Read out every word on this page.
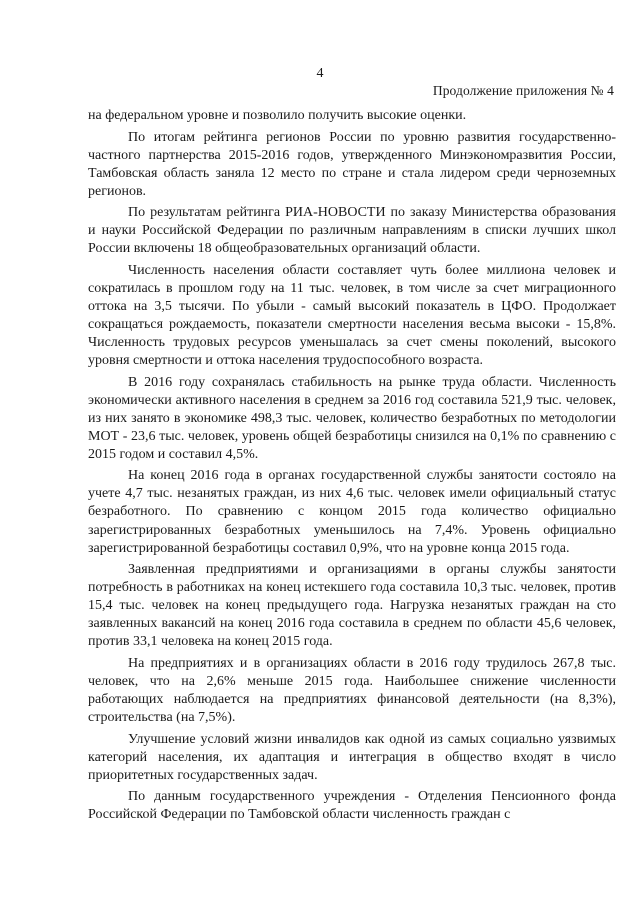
4
Продолжение приложения № 4

на федеральном уровне и позволило получить высокие оценки.

По итогам рейтинга регионов России по уровню развития государственно-частного партнерства 2015-2016 годов, утвержденного Минэкономразвития России, Тамбовская область заняла 12 место по стране и стала лидером среди черноземных регионов.

По результатам рейтинга РИА-НОВОСТИ по заказу Министерства образования и науки Российской Федерации по различным направлениям в списки лучших школ России включены 18 общеобразовательных организаций области.

Численность населения области составляет чуть более миллиона человек и сократилась в прошлом году на 11 тыс. человек, в том числе за счет миграционного оттока на 3,5 тысячи. По убыли - самый высокий показатель в ЦФО. Продолжает сокращаться рождаемость, показатели смертности населения весьма высоки - 15,8%. Численность трудовых ресурсов уменьшалась за счет смены поколений, высокого уровня смертности и оттока населения трудоспособного возраста.

В 2016 году сохранялась стабильность на рынке труда области. Численность экономически активного населения в среднем за 2016 год составила 521,9 тыс. человек, из них занято в экономике 498,3 тыс. человек, количество безработных по методологии МОТ - 23,6 тыс. человек, уровень общей безработицы снизился на 0,1% по сравнению с 2015 годом и составил 4,5%.

На конец 2016 года в органах государственной службы занятости состояло на учете 4,7 тыс. незанятых граждан, из них 4,6 тыс. человек имели официальный статус безработного. По сравнению с концом 2015 года количество официально зарегистрированных безработных уменьшилось на 7,4%. Уровень официально зарегистрированной безработицы составил 0,9%, что на уровне конца 2015 года.

Заявленная предприятиями и организациями в органы службы занятости потребность в работниках на конец истекшего года составила 10,3 тыс. человек, против 15,4 тыс. человек на конец предыдущего года. Нагрузка незанятых граждан на сто заявленных вакансий на конец 2016 года составила в среднем по области 45,6 человек, против 33,1 человека на конец 2015 года.

На предприятиях и в организациях области в 2016 году трудилось 267,8 тыс. человек, что на 2,6% меньше 2015 года. Наибольшее снижение численности работающих наблюдается на предприятиях финансовой деятельности (на 8,3%), строительства (на 7,5%).

Улучшение условий жизни инвалидов как одной из самых социально уязвимых категорий населения, их адаптация и интеграция в общество входят в число приоритетных государственных задач.

По данным государственного учреждения - Отделения Пенсионного фонда Российской Федерации по Тамбовской области численность граждан с
